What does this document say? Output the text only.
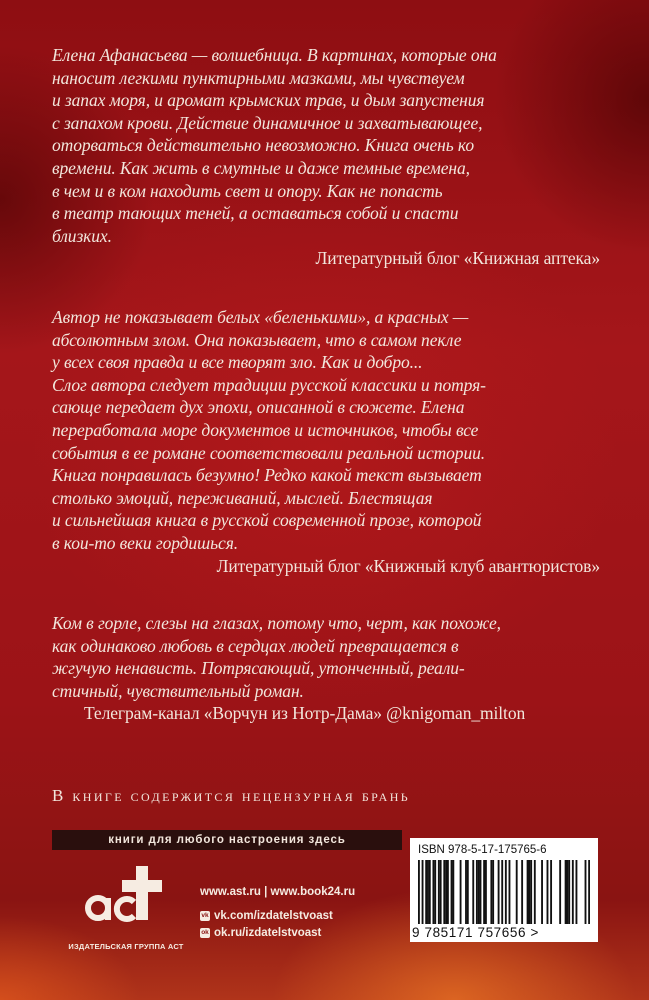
Елена Афанасьева — волшебница. В картинах, которые она
наносит легкими пунктирными мазками, мы чувствуем
и запах моря, и аромат крымских трав, и дым запустения
с запахом крови. Действие динамичное и захватывающее,
оторваться действительно невозможно. Книга очень ко
времени. Как жить в смутные и даже темные времена,
в чем и в ком находить свет и опору. Как не попасть
в театр тающих теней, а оставаться собой и спасти
близких.
Литературный блог «Книжная аптека»
Автор не показывает белых «беленькими», а красных —
абсолютным злом. Она показывает, что в самом пекле
у всех своя правда и все творят зло. Как и добро...
Слог автора следует традиции русской классики и потря-
сающе передает дух эпохи, описанной в сюжете. Елена
переработала море документов и источников, чтобы все
события в ее романе соответствовали реальной истории.
Книга понравилась безумно! Редко какой текст вызывает
столько эмоций, переживаний, мыслей. Блестящая
и сильнейшая книга в русской современной прозе, которой
в кои-то веки гордишься.
Литературный блог «Книжный клуб авантюристов»
Ком в горле, слезы на глазах, потому что, черт, как похоже,
как одинаково любовь в сердцах людей превращается в
жгучую ненависть. Потрясающий, утонченный, реали-
стичный, чувствительный роман.
Телеграм-канал «Ворчун из Нотр-Дама» @knigoman_milton
В книге содержится нецензурная брань
книги для любого настроения здесь
ИЗДАТЕЛЬСКАЯ ГРУППА АСТ
www.ast.ru | www.book24.ru
vk vk.com/izdatelstvoast
ok ok.ru/izdatelstvoast
ISBN 978-5-17-175765-6
9 785171 757656 >
